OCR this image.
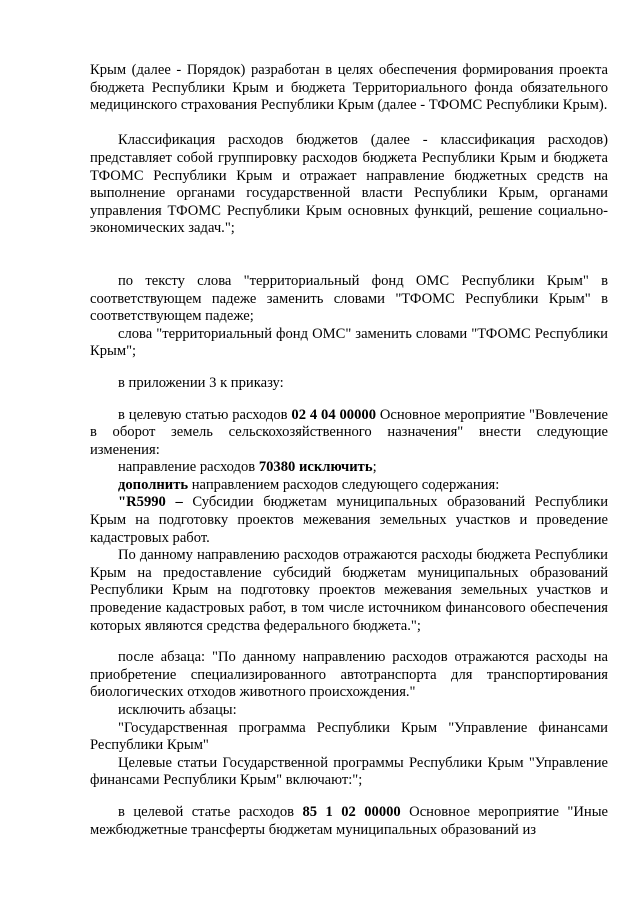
Крым (далее - Порядок) разработан в целях обеспечения формирования проекта бюджета Республики Крым и бюджета Территориального фонда обязательного медицинского страхования Республики Крым (далее - ТФОМС Республики Крым).

Классификация расходов бюджетов (далее - классификация расходов) представляет собой группировку расходов бюджета Республики Крым и бюджета ТФОМС Республики Крым и отражает направление бюджетных средств на выполнение органами государственной власти Республики Крым, органами управления ТФОМС Республики Крым основных функций, решение социально-экономических задач.";

по тексту слова "территориальный фонд ОМС Республики Крым" в соответствующем падеже заменить словами "ТФОМС Республики Крым" в соответствующем падеже;

слова "территориальный фонд ОМС" заменить словами "ТФОМС Республики Крым";

в приложении 3 к приказу:

в целевую статью расходов 02 4 04 00000 Основное мероприятие "Вовлечение в оборот земель сельскохозяйственного назначения" внести следующие изменения:

направление расходов 70380 исключить;

дополнить направлением расходов следующего содержания:

"R5990 – Субсидии бюджетам муниципальных образований Республики Крым на подготовку проектов межевания земельных участков и проведение кадастровых работ.

По данному направлению расходов отражаются расходы бюджета Республики Крым на предоставление субсидий бюджетам муниципальных образований Республики Крым на подготовку проектов межевания земельных участков и проведение кадастровых работ, в том числе источником финансового обеспечения которых являются средства федерального бюджета.";

после абзаца: "По данному направлению расходов отражаются расходы на приобретение специализированного автотранспорта для транспортирования биологических отходов животного происхождения."

исключить абзацы:

"Государственная программа Республики Крым "Управление финансами Республики Крым"

Целевые статьи Государственной программы Республики Крым "Управление финансами Республики Крым" включают:";

в целевой статье расходов 85 1 02 00000 Основное мероприятие "Иные межбюджетные трансферты бюджетам муниципальных образований из
